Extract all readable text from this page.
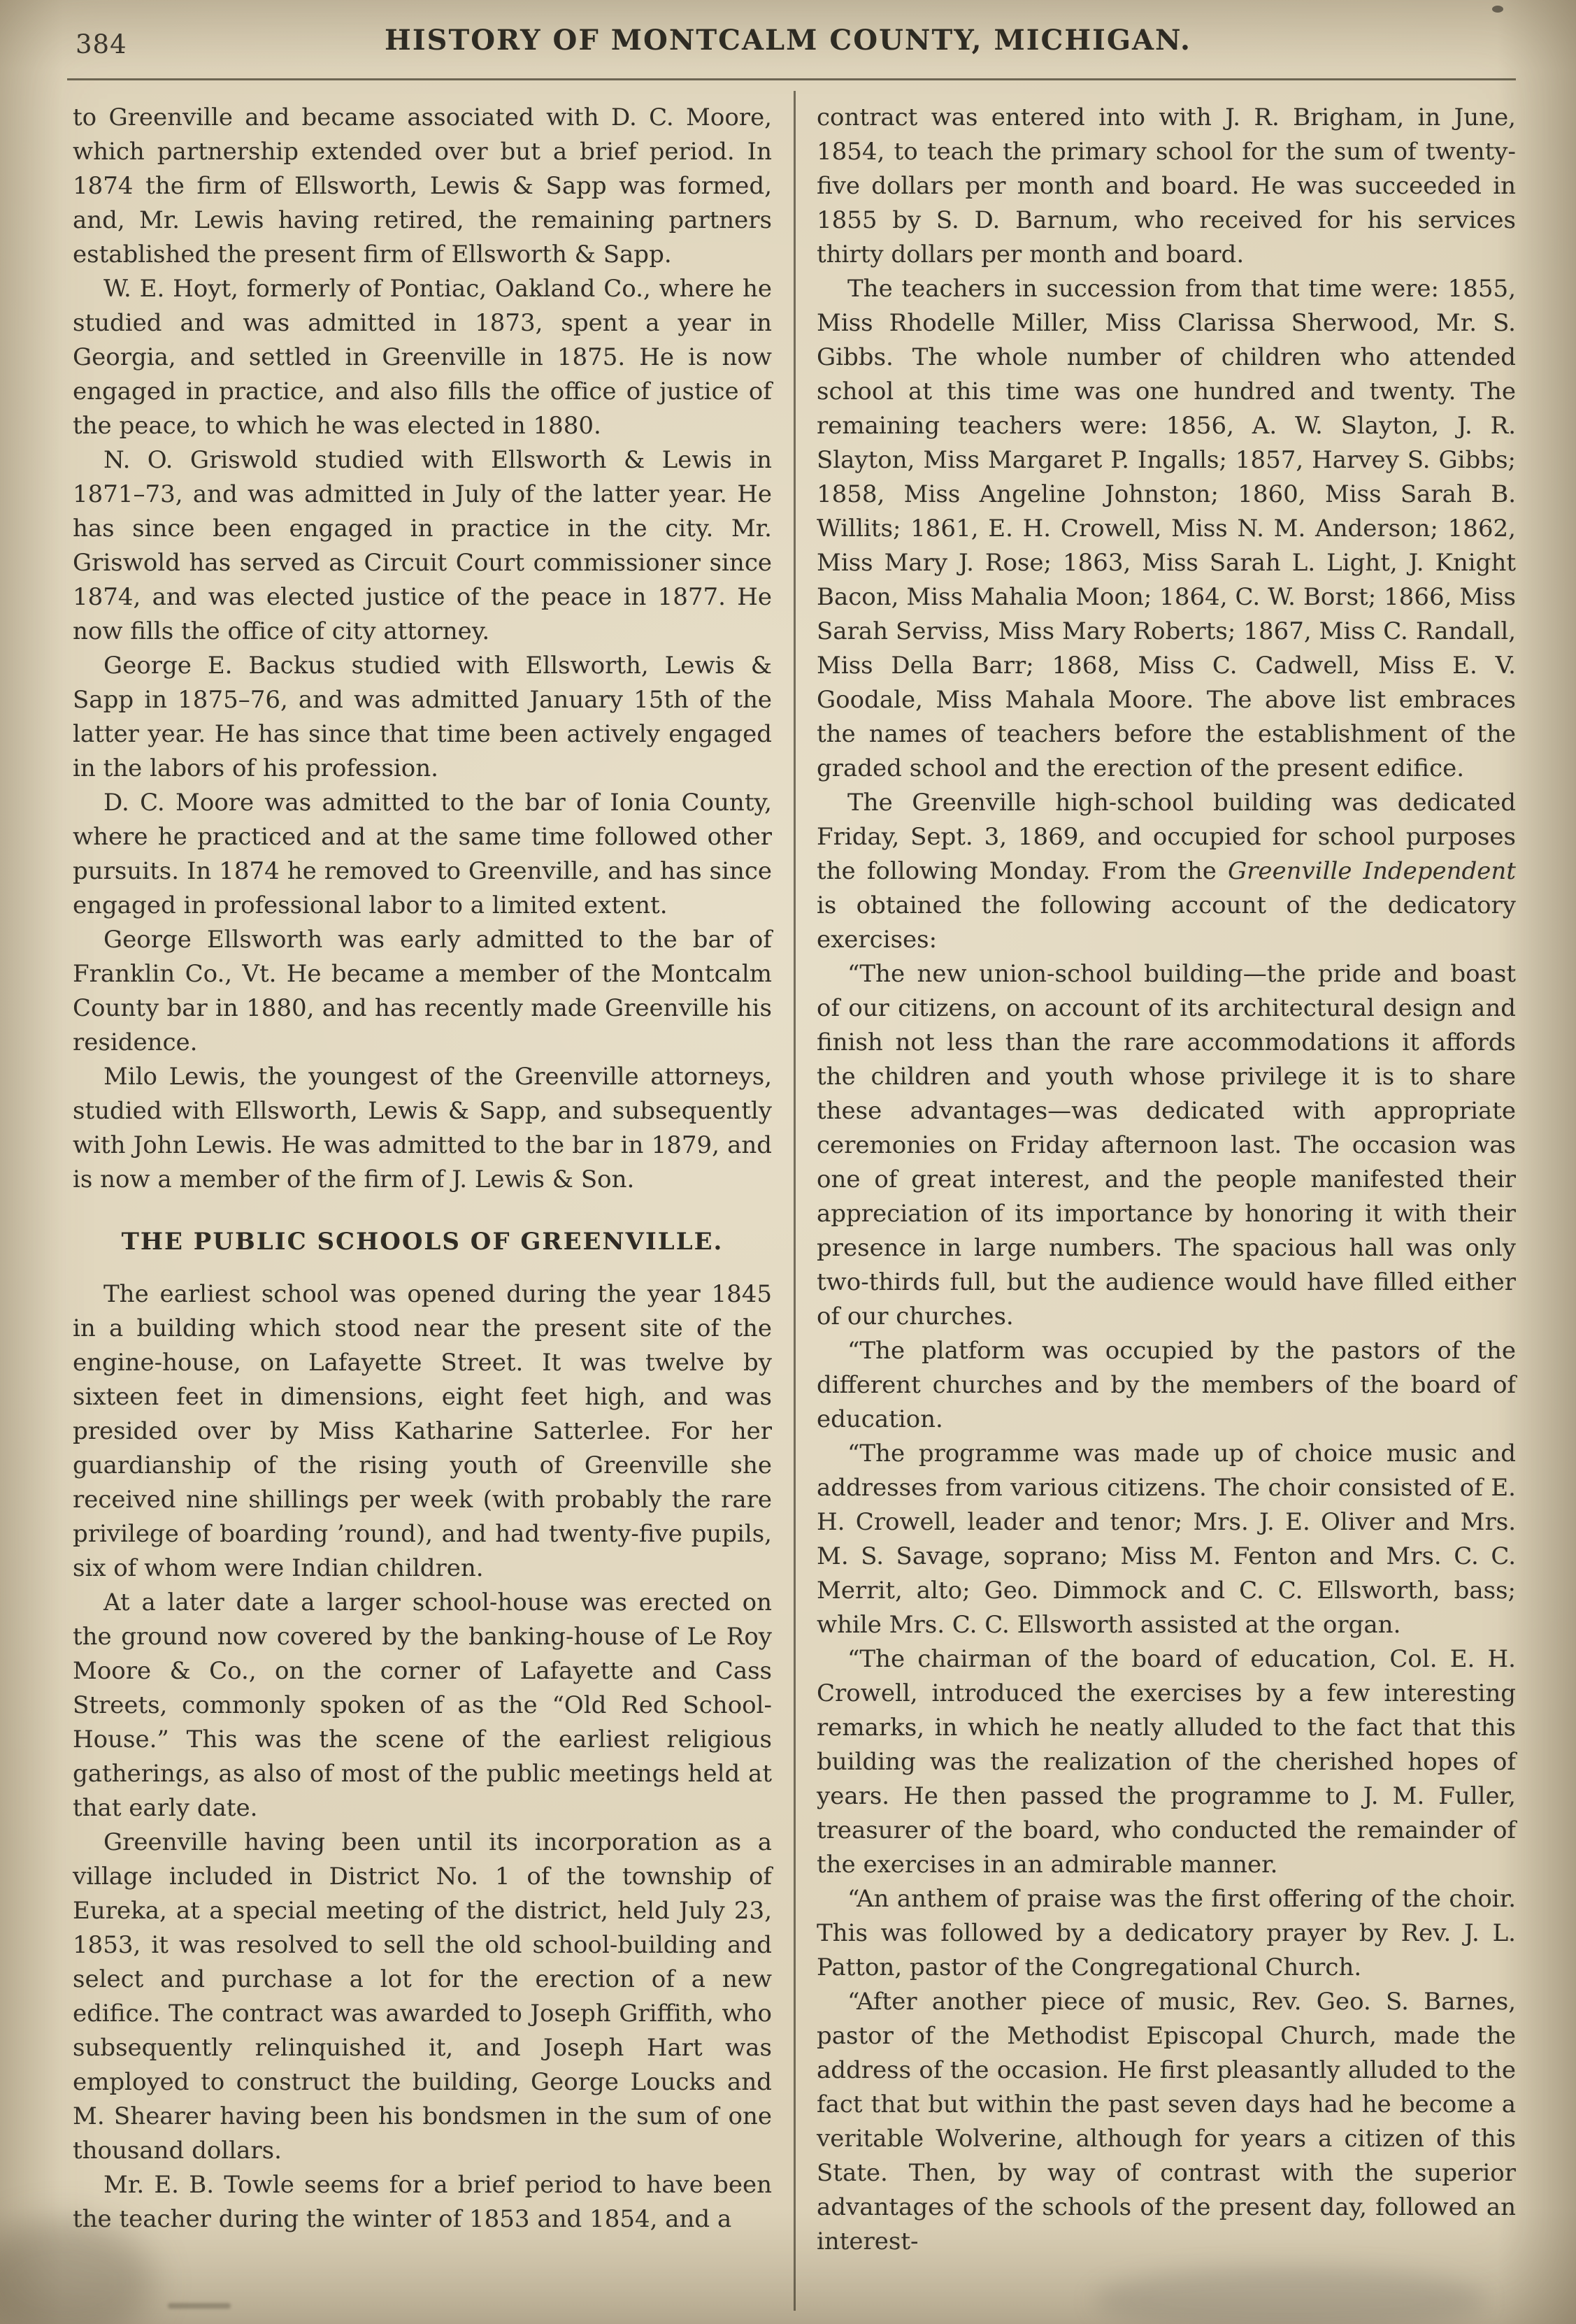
384	HISTORY OF MONTCALM COUNTY, MICHIGAN.

to Greenville and became associated with D. C. Moore, which partnership extended over but a brief period. In 1874 the firm of Ellsworth, Lewis & Sapp was formed, and, Mr. Lewis having retired, the remaining partners established the present firm of Ellsworth & Sapp.

W. E. Hoyt, formerly of Pontiac, Oakland Co., where he studied and was admitted in 1873, spent a year in Georgia, and settled in Greenville in 1875. He is now engaged in practice, and also fills the office of justice of the peace, to which he was elected in 1880.

N. O. Griswold studied with Ellsworth & Lewis in 1871–73, and was admitted in July of the latter year. He has since been engaged in practice in the city. Mr. Griswold has served as Circuit Court commissioner since 1874, and was elected justice of the peace in 1877. He now fills the office of city attorney.

George E. Backus studied with Ellsworth, Lewis & Sapp in 1875–76, and was admitted January 15th of the latter year. He has since that time been actively engaged in the labors of his profession.

D. C. Moore was admitted to the bar of Ionia County, where he practiced and at the same time followed other pursuits. In 1874 he removed to Greenville, and has since engaged in professional labor to a limited extent.

George Ellsworth was early admitted to the bar of Franklin Co., Vt. He became a member of the Montcalm County bar in 1880, and has recently made Greenville his residence.

Milo Lewis, the youngest of the Greenville attorneys, studied with Ellsworth, Lewis & Sapp, and subsequently with John Lewis. He was admitted to the bar in 1879, and is now a member of the firm of J. Lewis & Son.

THE PUBLIC SCHOOLS OF GREENVILLE.

The earliest school was opened during the year 1845 in a building which stood near the present site of the engine-house, on Lafayette Street. It was twelve by sixteen feet in dimensions, eight feet high, and was presided over by Miss Katharine Satterlee. For her guardianship of the rising youth of Greenville she received nine shillings per week (with probably the rare privilege of boarding ’round), and had twenty-five pupils, six of whom were Indian children.

At a later date a larger school-house was erected on the ground now covered by the banking-house of Le Roy Moore & Co., on the corner of Lafayette and Cass Streets, commonly spoken of as the “Old Red School-House.” This was the scene of the earliest religious gatherings, as also of most of the public meetings held at that early date.

Greenville having been until its incorporation as a village included in District No. 1 of the township of Eureka, at a special meeting of the district, held July 23, 1853, it was resolved to sell the old school-building and select and purchase a lot for the erection of a new edifice. The contract was awarded to Joseph Griffith, who subsequently relinquished it, and Joseph Hart was employed to construct the building, George Loucks and M. Shearer having been his bondsmen in the sum of one thousand dollars.

Mr. E. B. Towle seems for a brief period to have been the teacher during the winter of 1853 and 1854, and a

contract was entered into with J. R. Brigham, in June, 1854, to teach the primary school for the sum of twenty-five dollars per month and board. He was succeeded in 1855 by S. D. Barnum, who received for his services thirty dollars per month and board.

The teachers in succession from that time were: 1855, Miss Rhodelle Miller, Miss Clarissa Sherwood, Mr. S. Gibbs. The whole number of children who attended school at this time was one hundred and twenty. The remaining teachers were: 1856, A. W. Slayton, J. R. Slayton, Miss Margaret P. Ingalls; 1857, Harvey S. Gibbs; 1858, Miss Angeline Johnston; 1860, Miss Sarah B. Willits; 1861, E. H. Crowell, Miss N. M. Anderson; 1862, Miss Mary J. Rose; 1863, Miss Sarah L. Light, J. Knight Bacon, Miss Mahalia Moon; 1864, C. W. Borst; 1866, Miss Sarah Serviss, Miss Mary Roberts; 1867, Miss C. Randall, Miss Della Barr; 1868, Miss C. Cadwell, Miss E. V. Goodale, Miss Mahala Moore. The above list embraces the names of teachers before the establishment of the graded school and the erection of the present edifice.

The Greenville high-school building was dedicated Friday, Sept. 3, 1869, and occupied for school purposes the following Monday. From the Greenville Independent is obtained the following account of the dedicatory exercises:

“The new union-school building—the pride and boast of our citizens, on account of its architectural design and finish not less than the rare accommodations it affords the children and youth whose privilege it is to share these advantages—was dedicated with appropriate ceremonies on Friday afternoon last. The occasion was one of great interest, and the people manifested their appreciation of its importance by honoring it with their presence in large numbers. The spacious hall was only two-thirds full, but the audience would have filled either of our churches.

“The platform was occupied by the pastors of the different churches and by the members of the board of education.

“The programme was made up of choice music and addresses from various citizens. The choir consisted of E. H. Crowell, leader and tenor; Mrs. J. E. Oliver and Mrs. M. S. Savage, soprano; Miss M. Fenton and Mrs. C. C. Merrit, alto; Geo. Dimmock and C. C. Ellsworth, bass; while Mrs. C. C. Ellsworth assisted at the organ.

“The chairman of the board of education, Col. E. H. Crowell, introduced the exercises by a few interesting remarks, in which he neatly alluded to the fact that this building was the realization of the cherished hopes of years. He then passed the programme to J. M. Fuller, treasurer of the board, who conducted the remainder of the exercises in an admirable manner.

“An anthem of praise was the first offering of the choir. This was followed by a dedicatory prayer by Rev. J. L. Patton, pastor of the Congregational Church.

“After another piece of music, Rev. Geo. S. Barnes, pastor of the Methodist Episcopal Church, made the address of the occasion. He first pleasantly alluded to the fact that but within the past seven days had he become a veritable Wolverine, although for years a citizen of this State. Then, by way of contrast with the superior advantages of the schools of the present day, followed an interest-
